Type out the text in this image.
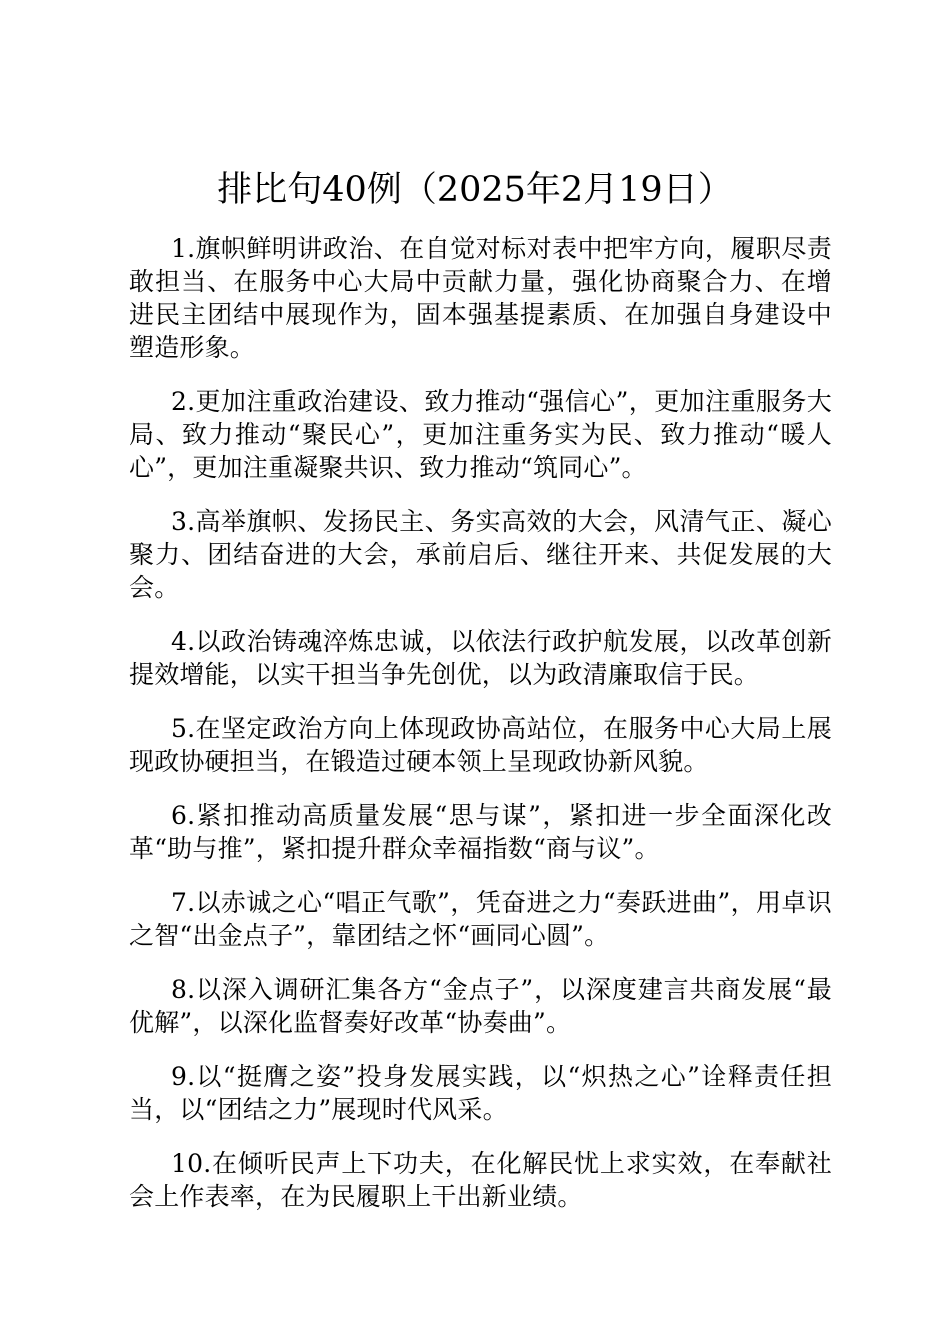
排比句40例（2025年2月19日）

1.旗帜鲜明讲政治、在自觉对标对表中把牢方向，履职尽责敢担当、在服务中心大局中贡献力量，强化协商聚合力、在增进民主团结中展现作为，固本强基提素质、在加强自身建设中塑造形象。

2.更加注重政治建设、致力推动“强信心”，更加注重服务大局、致力推动“聚民心”，更加注重务实为民、致力推动“暖人心”，更加注重凝聚共识、致力推动“筑同心”。

3.高举旗帜、发扬民主、务实高效的大会，风清气正、凝心聚力、团结奋进的大会，承前启后、继往开来、共促发展的大会。

4.以政治铸魂淬炼忠诚，以依法行政护航发展，以改革创新提效增能，以实干担当争先创优，以为政清廉取信于民。

5.在坚定政治方向上体现政协高站位，在服务中心大局上展现政协硬担当，在锻造过硬本领上呈现政协新风貌。

6.紧扣推动高质量发展“思与谋”，紧扣进一步全面深化改革“助与推”，紧扣提升群众幸福指数“商与议”。

7.以赤诚之心“唱正气歌”，凭奋进之力“奏跃进曲”，用卓识之智“出金点子”，靠团结之怀“画同心圆”。

8.以深入调研汇集各方“金点子”，以深度建言共商发展“最优解”，以深化监督奏好改革“协奏曲”。

9.以“挺膺之姿”投身发展实践，以“炽热之心”诠释责任担当，以“团结之力”展现时代风采。

10.在倾听民声上下功夫，在化解民忧上求实效，在奉献社会上作表率，在为民履职上干出新业绩。
